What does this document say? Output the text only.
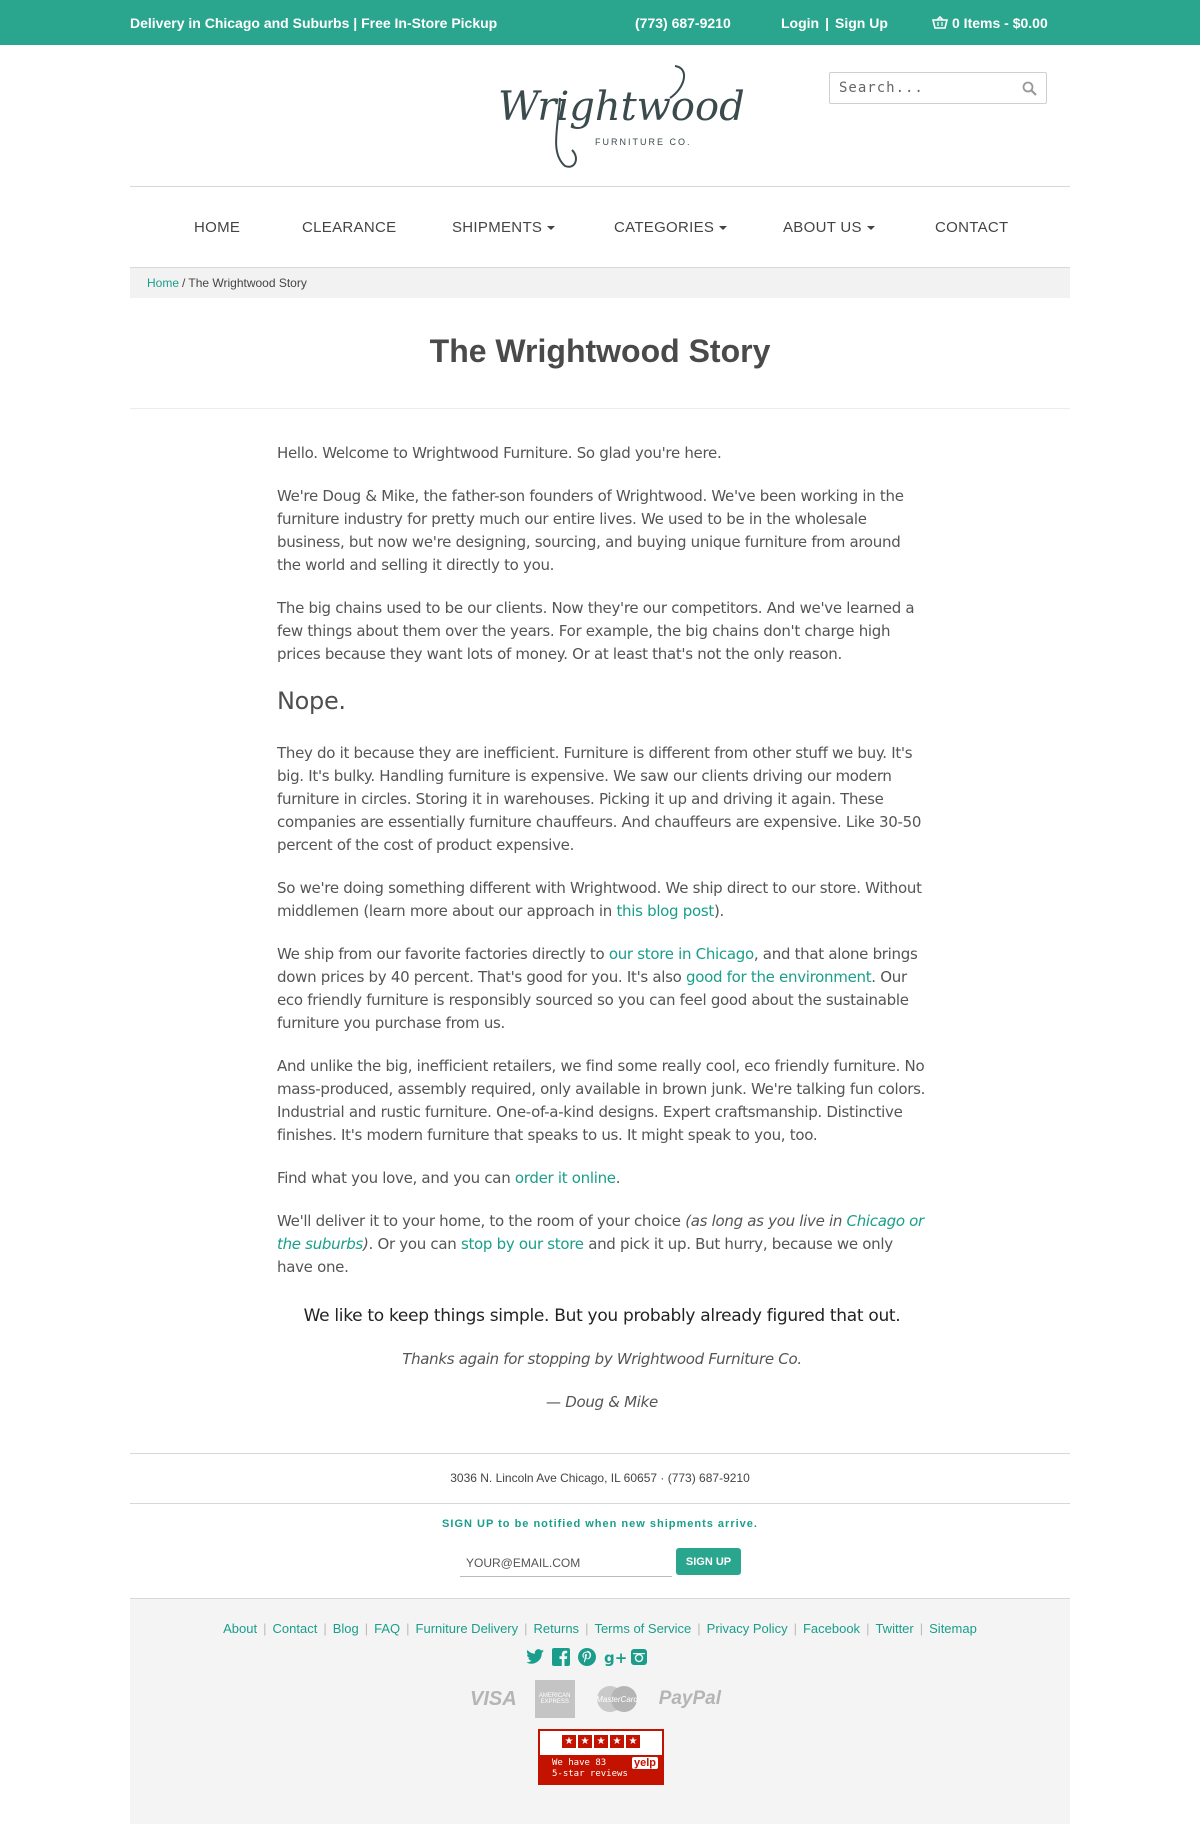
Delivery in Chicago and Suburbs | Free In-Store Pickup	(773) 687-9210	Login | Sign Up	0 Items - $0.00
Wrightwood
FURNITURE CO.
Search...
HOME	CLEARANCE	SHIPMENTS	CATEGORIES	ABOUT US	CONTACT
Home / The Wrightwood Story
The Wrightwood Story

Hello. Welcome to Wrightwood Furniture. So glad you're here.

We're Doug & Mike, the father-son founders of Wrightwood. We've been working in the furniture industry for pretty much our entire lives. We used to be in the wholesale business, but now we're designing, sourcing, and buying unique furniture from around the world and selling it directly to you.

The big chains used to be our clients. Now they're our competitors. And we've learned a few things about them over the years. For example, the big chains don't charge high prices because they want lots of money. Or at least that's not the only reason.

Nope.

They do it because they are inefficient. Furniture is different from other stuff we buy. It's big. It's bulky. Handling furniture is expensive. We saw our clients driving our modern furniture in circles. Storing it in warehouses. Picking it up and driving it again. These companies are essentially furniture chauffeurs. And chauffeurs are expensive. Like 30-50 percent of the cost of product expensive.

So we're doing something different with Wrightwood. We ship direct to our store. Without middlemen (learn more about our approach in this blog post).

We ship from our favorite factories directly to our store in Chicago, and that alone brings down prices by 40 percent. That's good for you. It's also good for the environment. Our eco friendly furniture is responsibly sourced so you can feel good about the sustainable furniture you purchase from us.

And unlike the big, inefficient retailers, we find some really cool, eco friendly furniture. No mass-produced, assembly required, only available in brown junk. We're talking fun colors. Industrial and rustic furniture. One-of-a-kind designs. Expert craftsmanship. Distinctive finishes. It's modern furniture that speaks to us. It might speak to you, too.

Find what you love, and you can order it online.

We'll deliver it to your home, to the room of your choice (as long as you live in Chicago or the suburbs). Or you can stop by our store and pick it up. But hurry, because we only have one.

We like to keep things simple. But you probably already figured that out.

Thanks again for stopping by Wrightwood Furniture Co.

— Doug & Mike

3036 N. Lincoln Ave Chicago, IL 60657 · (773) 687-9210
SIGN UP to be notified when new shipments arrive.
YOUR@EMAIL.COM
SIGN UP
About | Contact | Blog | FAQ | Furniture Delivery | Returns | Terms of Service | Privacy Policy | Facebook | Twitter | Sitemap
g+
VISA	AMERICAN EXPRESS	MasterCard PayPal
★ ★ ★ ★ ★
We have 83
5-star reviews
yelp
